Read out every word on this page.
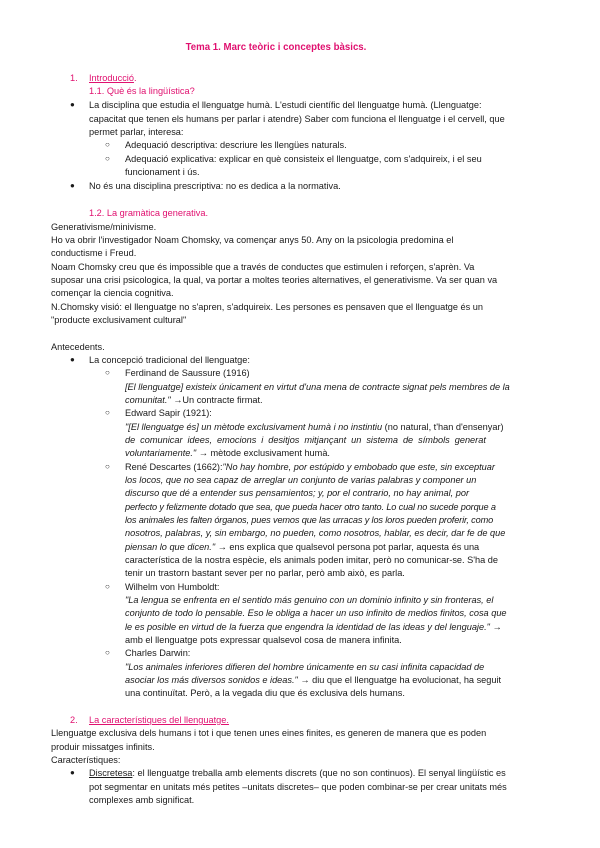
Tema 1. Marc teòric i conceptes bàsics.
1. Introducció.
1.1. Què és la lingüística?
● La disciplina que estudia el llenguatge humà. L'estudi científic del llenguatge humà. (Llenguatge:
capacitat que tenen els humans per parlar i atendre) Saber com funciona el llenguatge i el cervell, que
permet parlar, interesa:
○ Adequació descriptiva: descriure les llengües naturals.
○ Adequació explicativa: explicar en què consisteix el llenguatge, com s'adquireix, i el seu
funcionament i ús.
● No és una disciplina prescriptiva: no es dedica a la normativa.
1.2. La gramàtica generativa.
Generativisme/minivisme.
Ho va obrir l'investigador Noam Chomsky, va començar anys 50. Any on la psicologia predomina el
conductisme i Freud.
Noam Chomsky creu que és impossible que a través de conductes que estimulen i reforçen, s'aprèn. Va
suposar una crisi psicologica, la qual, va portar a moltes teories alternatives, el generativisme. Va ser quan va
començar la ciencia cognitiva.
N.Chomsky visió: el llenguatge no s'apren, s'adquireix. Les persones es pensaven que el llenguatge és un
"producte exclusivament cultural"
Antecedents.
● La concepció tradicional del llenguatge:
○ Ferdinand de Saussure (1916)
[El llenguatge] existeix únicament en virtut d'una mena de contracte signat pels membres de la
comunitat." →Un contracte firmat.
○ Edward Sapir (1921):
"[El llenguatge és] un mètode exclusivament humà i no instintiu (no natural, t'han d'ensenyar)
de comunicar idees, emocions i desitjos mitjançant un sistema de símbols generat
voluntariamente." → mètode exclusivament humà.
○ René Descartes (1662):"No hay hombre, por estúpido y embobado que este, sin exceptuar
los locos, que no sea capaz de arreglar un conjunto de varias palabras y componer un
discurso que dé a entender sus pensamientos; y, por el contrario, no hay animal, por
perfecto y felizmente dotado que sea, que pueda hacer otro tanto. Lo cual no sucede porque a
los animales les falten órganos, pues vemos que las urracas y los loros pueden proferir, como
nosotros, palabras, y, sin embargo, no pueden, como nosotros, hablar, es decir, dar fe de que
piensan lo que dicen." → ens explica que qualsevol persona pot parlar, aquesta és una
característica de la nostra espècie, els animals poden imitar, però no comunicar-se. S'ha de
tenir un trastorn bastant sever per no parlar, però amb això, es parla.
○ Wilhelm von Humboldt:
"La lengua se enfrenta en el sentido más genuino con un dominio infinito y sin fronteras, el
conjunto de todo lo pensable. Eso le obliga a hacer un uso infinito de medios finitos, cosa que
le es posible en virtud de la fuerza que engendra la identidad de las ideas y del lenguaje." →
amb el llenguatge pots expressar qualsevol cosa de manera infinita.
○ Charles Darwin:
"Los animales inferiores difieren del hombre únicamente en su casi infinita capacidad de
asociar los más diversos sonidos e ideas." → diu que el llenguatge ha evolucionat, ha seguit
una continuïtat. Però, a la vegada diu que és exclusiva dels humans.
2. La característiques del llenguatge.
Llenguatge exclusiva dels humans i tot i que tenen unes eines finites, es generen de manera que es poden
produir missatges infinits.
Característiques:
● Discretesa: el llenguatge treballa amb elements discrets (que no son continuos). El senyal lingüístic es
pot segmentar en unitats més petites –unitats discretes– que poden combinar-se per crear unitats més
complexes amb significat.
